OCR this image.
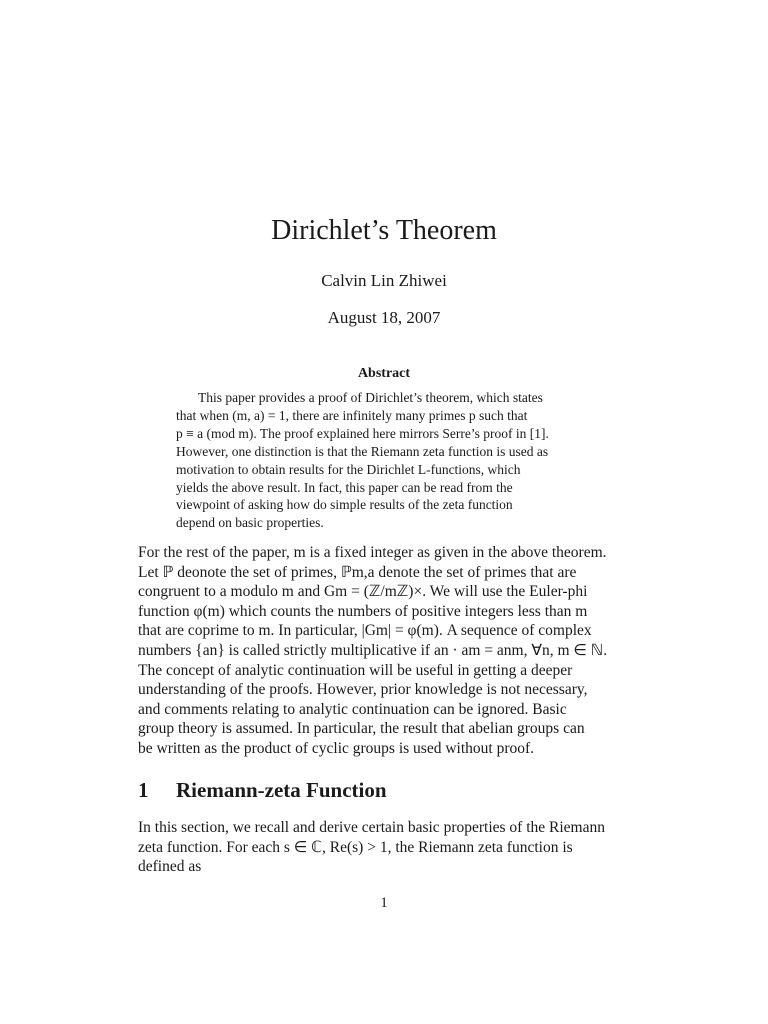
Dirichlet’s Theorem
Calvin Lin Zhiwei
August 18, 2007
Abstract
This paper provides a proof of Dirichlet’s theorem, which states
that when (m, a) = 1, there are infinitely many primes p such that
p ≡ a (mod m). The proof explained here mirrors Serre’s proof in [1].
However, one distinction is that the Riemann zeta function is used as
motivation to obtain results for the Dirichlet L-functions, which
yields the above result. In fact, this paper can be read from the
viewpoint of asking how do simple results of the zeta function
depend on basic properties.
For the rest of the paper, m is a fixed integer as given in the above theorem.
Let ℙ deonote the set of primes, ℙm,a denote the set of primes that are
congruent to a modulo m and Gm = (ℤ/mℤ)×. We will use the Euler-phi
function φ(m) which counts the numbers of positive integers less than m
that are coprime to m. In particular, |Gm| = φ(m). A sequence of complex
numbers {an} is called strictly multiplicative if an · am = anm, ∀n, m ∈ ℕ.
The concept of analytic continuation will be useful in getting a deeper
understanding of the proofs. However, prior knowledge is not necessary,
and comments relating to analytic continuation can be ignored. Basic
group theory is assumed. In particular, the result that abelian groups can
be written as the product of cyclic groups is used without proof.
1 Riemann-zeta Function
In this section, we recall and derive certain basic properties of the Riemann
zeta function. For each s ∈ ℂ, Re(s) > 1, the Riemann zeta function is
defined as
1
